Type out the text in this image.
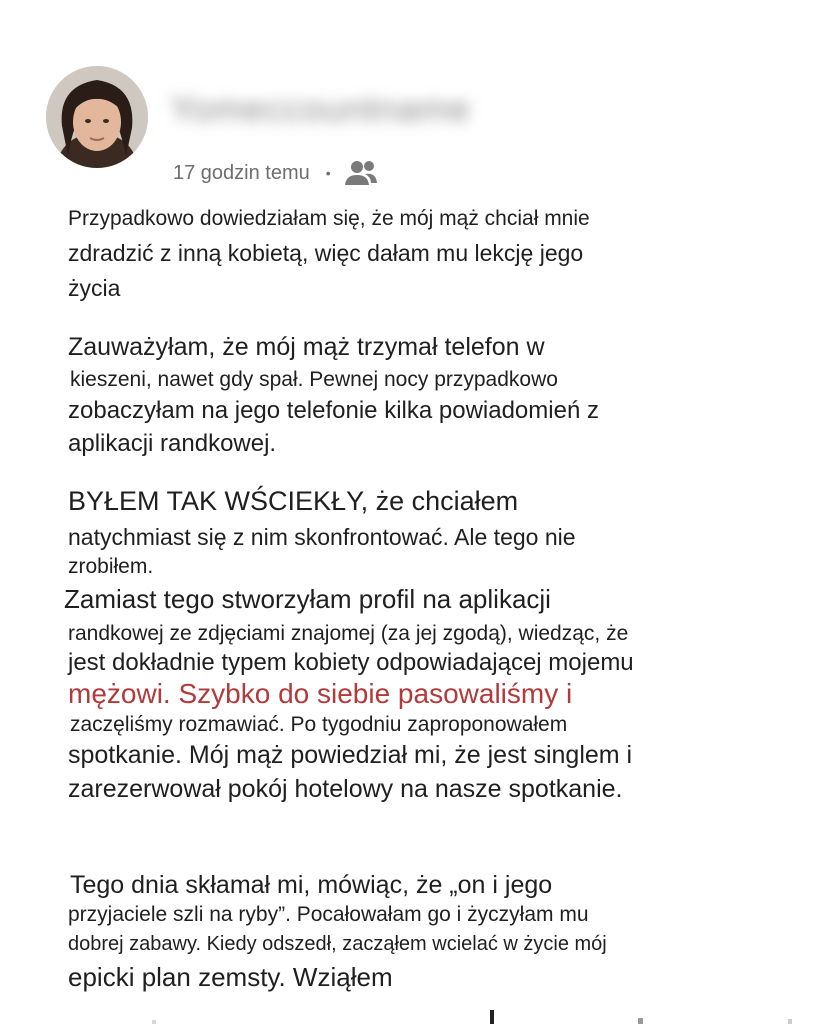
Yomeccountname
17 godzin temu •
Przypadkowo dowiedziałam się, że mój mąż chciał mnie
zdradzić z inną kobietą, więc dałam mu lekcję jego
życia
Zauważyłam, że mój mąż trzymał telefon w
kieszeni, nawet gdy spał. Pewnej nocy przypadkowo
zobaczyłam na jego telefonie kilka powiadomień z
aplikacji randkowej.
BYŁEM TAK WŚCIEKŁY, że chciałem
natychmiast się z nim skonfrontować. Ale tego nie
zrobiłem.
Zamiast tego stworzyłam profil na aplikacji
randkowej ze zdjęciami znajomej (za jej zgodą), wiedząc, że
jest dokładnie typem kobiety odpowiadającej mojemu
mężowi. Szybko do siebie pasowaliśmy i
zaczęliśmy rozmawiać. Po tygodniu zaproponowałem
spotkanie. Mój mąż powiedział mi, że jest singlem i
zarezerwował pokój hotelowy na nasze spotkanie.
Tego dnia skłamał mi, mówiąc, że „on i jego
przyjaciele szli na ryby”. Pocałowałam go i życzyłam mu
dobrej zabawy. Kiedy odszedł, zacząłem wcielać w życie mój
epicki plan zemsty. Wziąłem
